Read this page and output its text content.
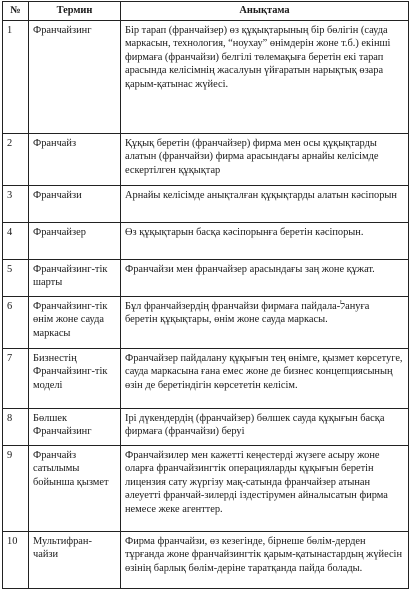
№	Термин	Анықтама
1	Франчайзинг	Бір тарап (франчайзер) өз құқықтарының бір бөлігін (сауда маркасын, технология, “ноухау” өнімдерін жоне т.б.) екінші фирмаға (франчайзи) белгілі төлемақыға беретін екі тарап арасында келісімнің жасалуын үйғаратын нарықтық өзара қарым-қатынас жүйесі.
2	Франчайз	Құқық беретін (франчайзер) фирма мен осы құқықтарды алатын (франчайзи) фирма арасындағы арнайы келісімде ескертілген құқықтар
3	Франчайзи	Арнайы келісімде анықталған құқықтарды алатын кәсіпорын
4	Франчайзер	Өз құқықтарын басқа кәсіпорынға беретін кәсіпорын.
5	Франчайзинг-тік шарты	Франчайзи мен франчайзер арасындағы заң жоне құжат.
6	Франчайзинг-тік өнім жоне сауда маркасы	Бұл франчайзердің франчайзи фирмаға пайдала-לануға беретін құқықтары, өнім жоне сауда маркасы.
7	Бизнестің Франчайзинг-тік моделі	Франчайзер пайдалану құқығын тең өнімге, қызмет көрсетуге, сауда маркасына ғана емес жоне де бизнес концепциясының өзін де беретіндігін көрсететін келісім.
8	Бөлшек Франчайзинг	Ірі дүкендердің (франчайзер) бөлшек сауда құқығын басқа фирмаға (франчайзи) беруі
9	Франчайз сатылымы бойынша қызмет	Франчайзилер мен кажетті кеңестерді жүзеге асыру жоне оларға франчайзингтік операцияларды құқығын беретін лицензия сату жүргізу мақ-сатында франчайзер атынан әлеуетті франчай-зилерді іздестірумен айналысатын фирма немесе жеке агенттер.
10	Мультифран-чайзи	Фирма франчайзи, өз кезегінде, бірнеше бөлім-дерден тұрғанда жоне франчайзингтік қарым-қатынастардың жүйесін өзінің барлық бөлім-деріне таратқанда пайда болады.
